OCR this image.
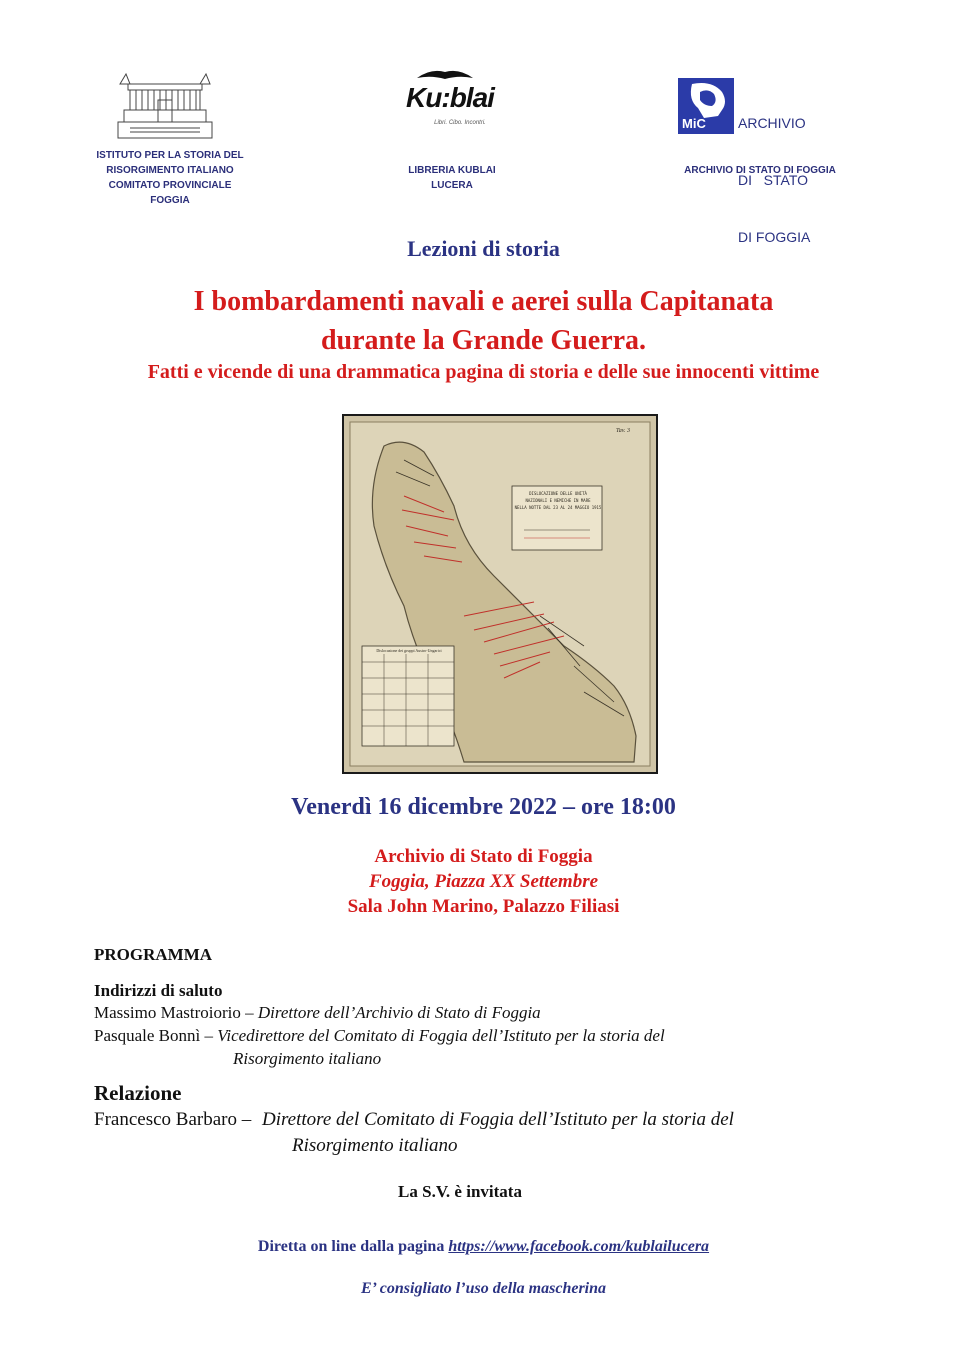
ISTITUTO PER LA STORIA DEL
RISORGIMENTO ITALIANO
COMITATO PROVINCIALE
FOGGIA
Ku:blai
Libri. Cibo. Incontri.
LIBRERIA KUBLAI
LUCERA
MiC

ARCHIVIO

DI   STATO

DI FOGGIA

ARCHIVIO DI STATO DI FOGGIA
Lezioni di storia
I bombardamenti navali e aerei sulla Capitanata
durante la Grande Guerra.
Fatti e vicende di una drammatica pagina di storia e delle sue innocenti vittime
DISLOCAZIONE DELLE UNITÀ
NAZIONALI E NEMICHE IN MARE
NELLA NOTTE DAL 23 AL 24 MAGGIO 1915
Tav. 3
Dislocazione dei gruppi Austro-Ungarici
Venerdì 16 dicembre 2022 – ore 18:00
Archivio di Stato di Foggia
Foggia, Piazza XX Settembre
Sala John Marino, Palazzo Filiasi
PROGRAMMA
Indirizzi di saluto
Massimo Mastroiorio – Direttore dell’Archivio di Stato di Foggia
Pasquale Bonnì – Vicedirettore del Comitato di Foggia dell’Istituto per la storia del
Risorgimento italiano
Relazione
Francesco Barbaro – Direttore del Comitato di Foggia dell’Istituto per la storia del
Risorgimento italiano
La S.V. è invitata
Diretta on line dalla pagina https://www.facebook.com/kublailucera
E’ consigliato l’uso della mascherina
